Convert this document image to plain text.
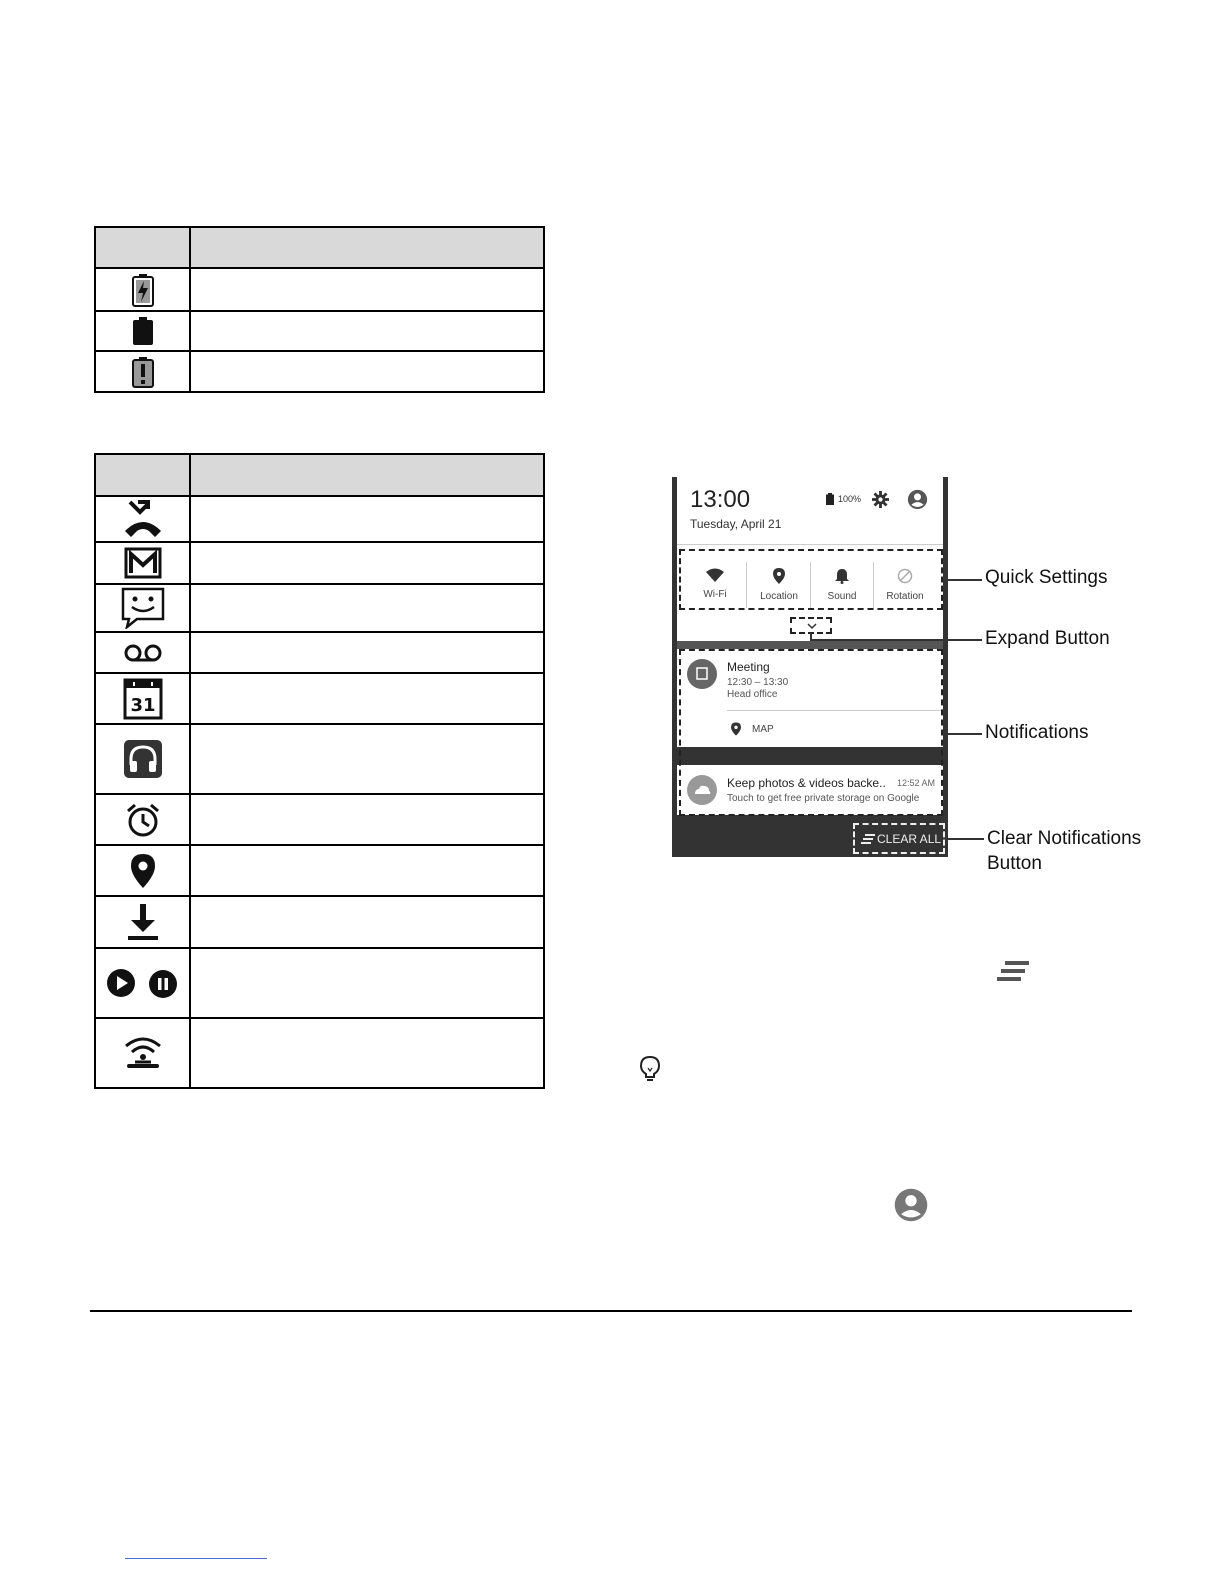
31	

13:00
Tuesday, April 21
100%
Wi-Fi	Location	Sound	Rotation
Meeting
12:30 – 13:30
Head office
MAP
Keep photos & videos backe.. 12:52 AM
Touch to get free private storage on Google
CLEAR ALL
Quick Settings
Expand Button
Notifications
Clear Notifications
Button
